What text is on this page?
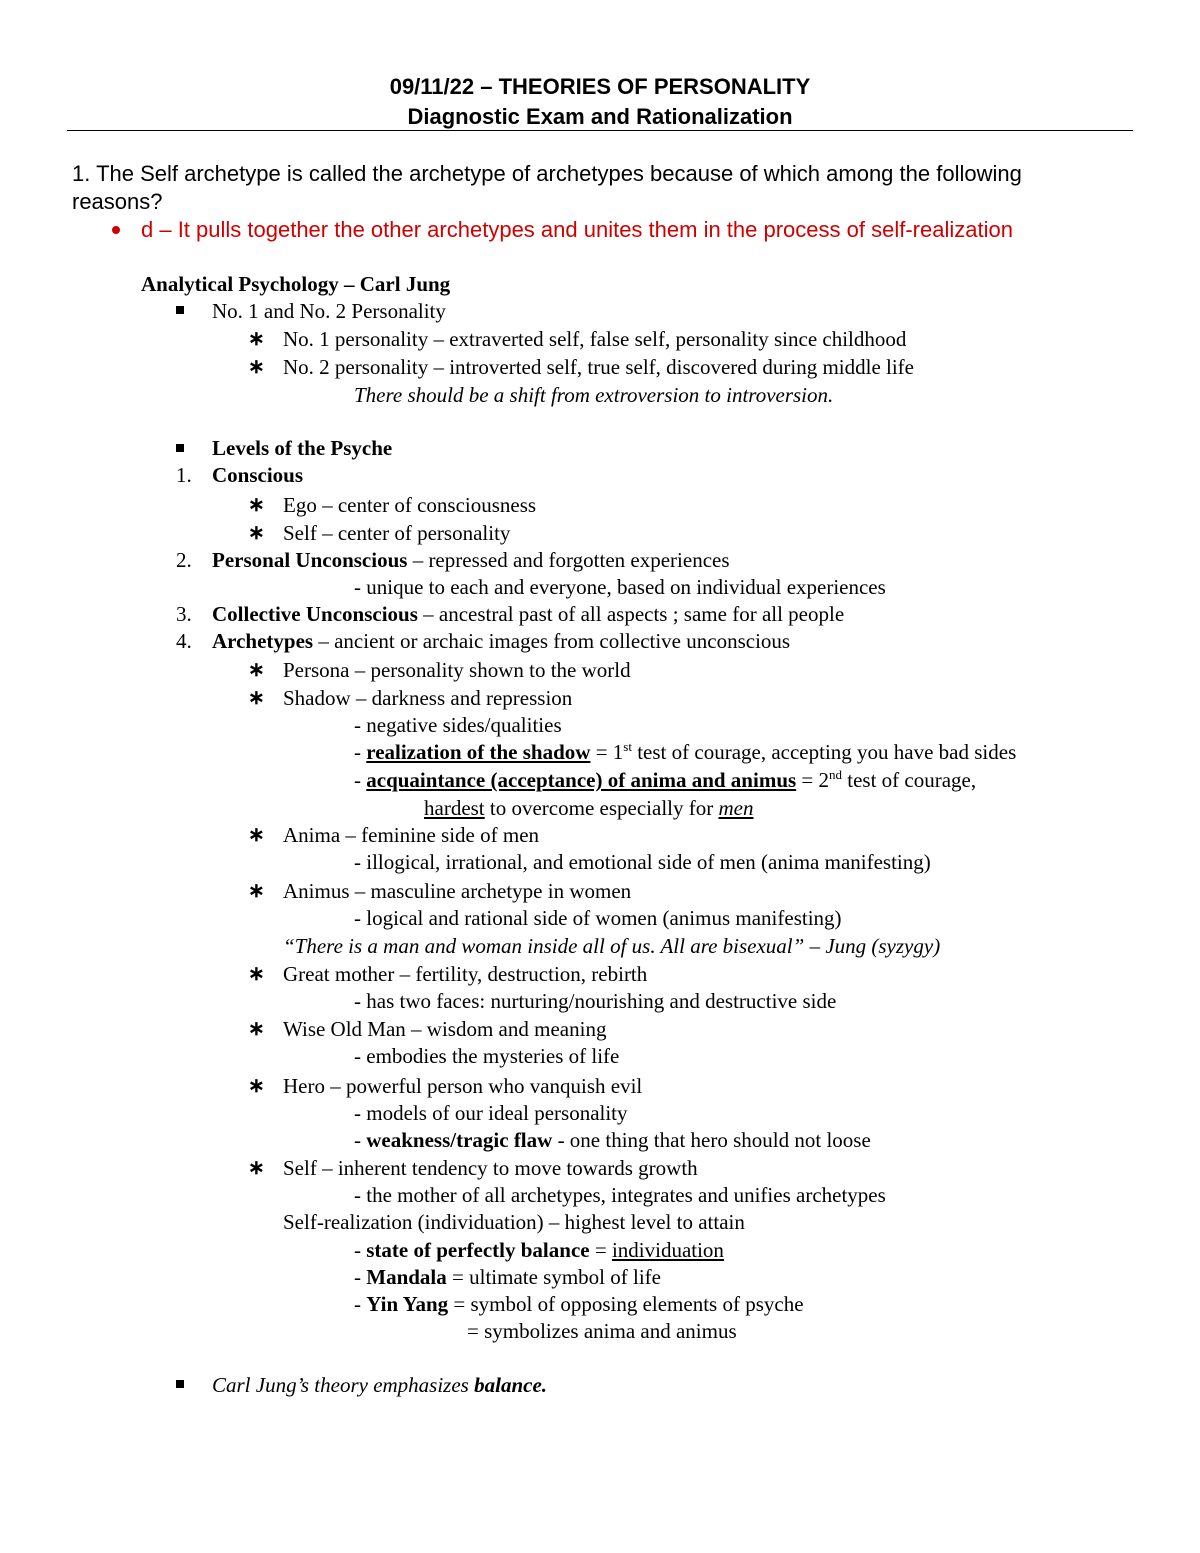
09/11/22 – THEORIES OF PERSONALITY
Diagnostic Exam and Rationalization
1. The Self archetype is called the archetype of archetypes because of which among the following
reasons?
d – It pulls together the other archetypes and unites them in the process of self-realization
Analytical Psychology – Carl Jung
No. 1 and No. 2 Personality
∗ No. 1 personality – extraverted self, false self, personality since childhood
∗ No. 2 personality – introverted self, true self, discovered during middle life
There should be a shift from extroversion to introversion.
Levels of the Psyche
1. Conscious
∗ Ego – center of consciousness
∗ Self – center of personality
2. Personal Unconscious – repressed and forgotten experiences
- unique to each and everyone, based on individual experiences
3. Collective Unconscious – ancestral past of all aspects ; same for all people
4. Archetypes – ancient or archaic images from collective unconscious
∗ Persona – personality shown to the world
∗ Shadow – darkness and repression
- negative sides/qualities
- realization of the shadow = 1st test of courage, accepting you have bad sides
- acquaintance (acceptance) of anima and animus = 2nd test of courage,
hardest to overcome especially for men
∗ Anima – feminine side of men
- illogical, irrational, and emotional side of men (anima manifesting)
∗ Animus – masculine archetype in women
- logical and rational side of women (animus manifesting)
“There is a man and woman inside all of us. All are bisexual” – Jung (syzygy)
∗ Great mother – fertility, destruction, rebirth
- has two faces: nurturing/nourishing and destructive side
∗ Wise Old Man – wisdom and meaning
- embodies the mysteries of life
∗ Hero – powerful person who vanquish evil
- models of our ideal personality
- weakness/tragic flaw - one thing that hero should not loose
∗ Self – inherent tendency to move towards growth
- the mother of all archetypes, integrates and unifies archetypes
Self-realization (individuation) – highest level to attain
- state of perfectly balance = individuation
- Mandala = ultimate symbol of life
- Yin Yang = symbol of opposing elements of psyche
= symbolizes anima and animus
Carl Jung’s theory emphasizes balance.
